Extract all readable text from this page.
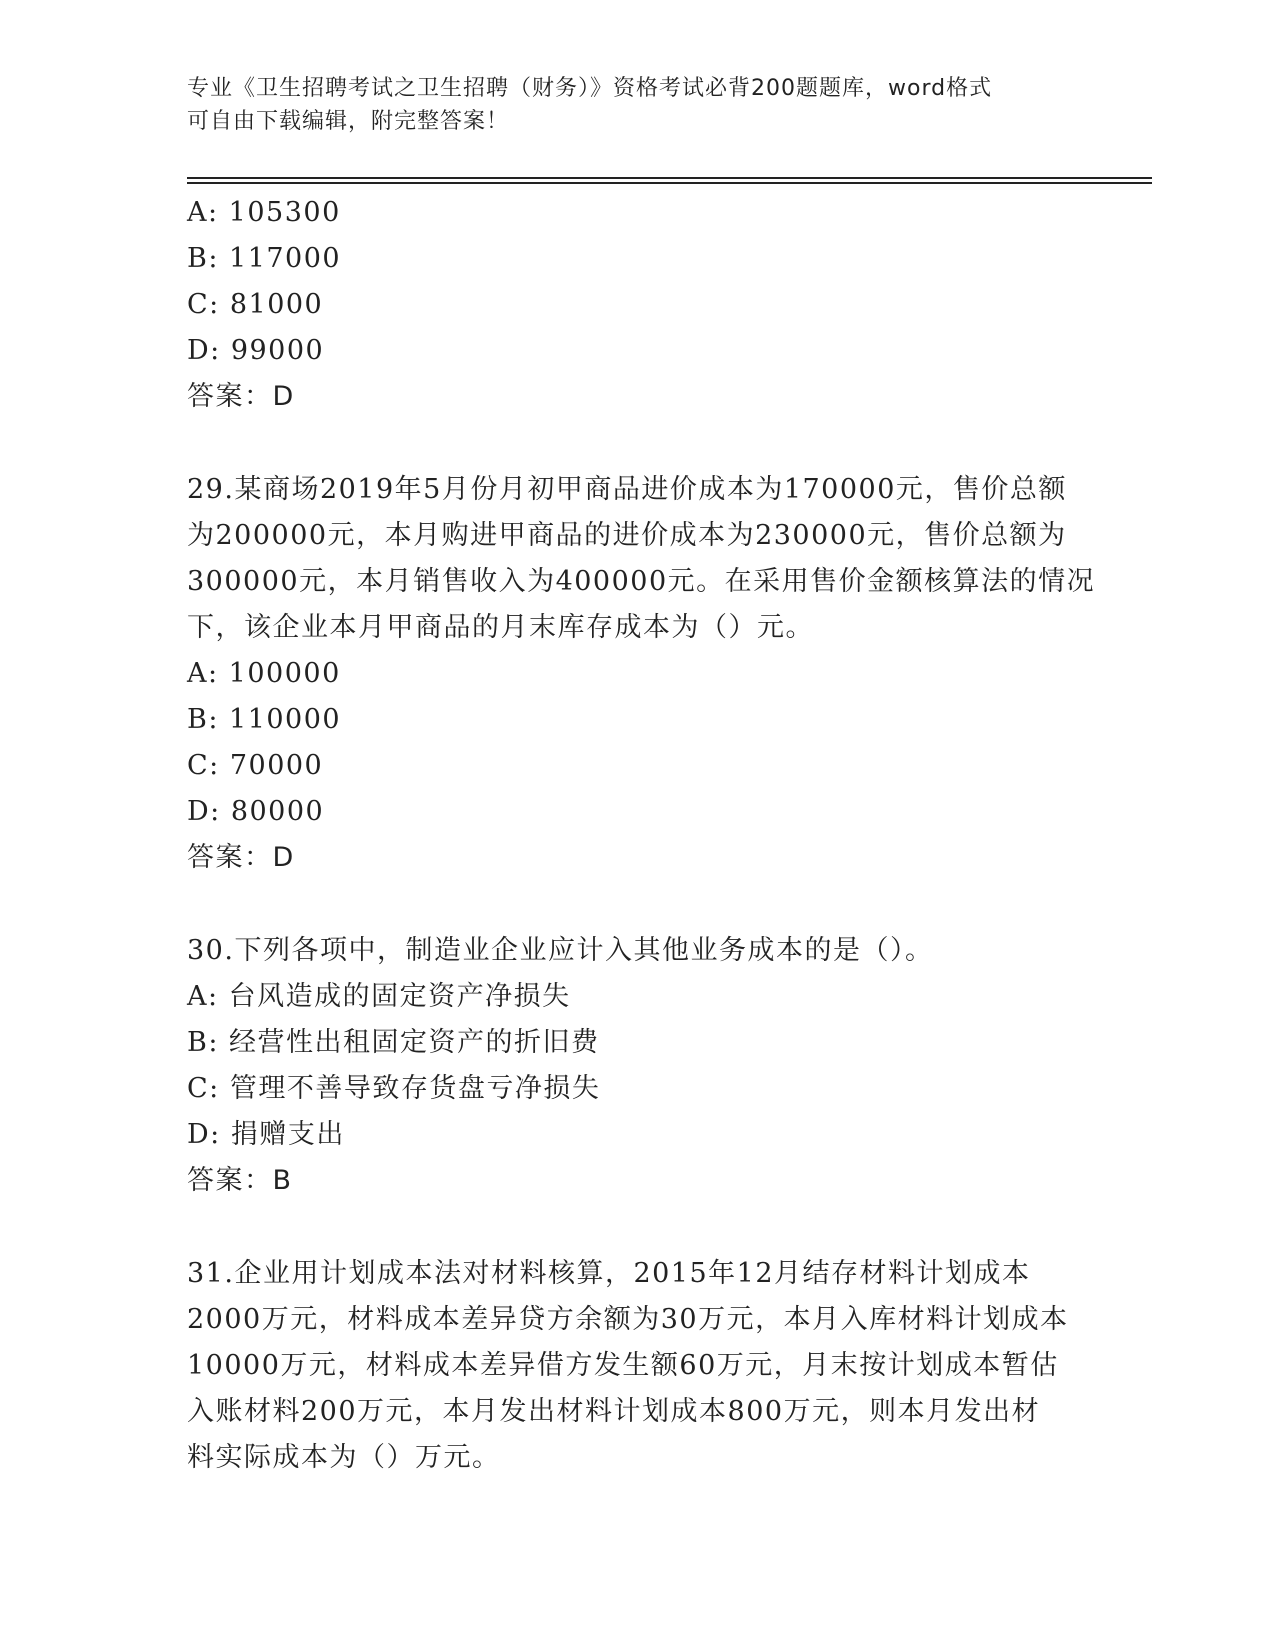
专业《卫生招聘考试之卫生招聘（财务）》资格考试必背200题题库，word格式
可自由下载编辑，附完整答案！
A: 105300
B: 117000
C: 81000
D: 99000
答案：D
29.某商场2019年5月份月初甲商品进价成本为170000元，售价总额
为200000元，本月购进甲商品的进价成本为230000元，售价总额为
300000元，本月销售收入为400000元。在采用售价金额核算法的情况
下，该企业本月甲商品的月末库存成本为（）元。
A: 100000
B: 110000
C: 70000
D: 80000
答案：D
30.下列各项中，制造业企业应计入其他业务成本的是（）。
A: 台风造成的固定资产净损失
B: 经营性出租固定资产的折旧费
C: 管理不善导致存货盘亏净损失
D: 捐赠支出
答案：B
31.企业用计划成本法对材料核算，2015年12月结存材料计划成本
2000万元，材料成本差异贷方余额为30万元，本月入库材料计划成本
10000万元，材料成本差异借方发生额60万元，月末按计划成本暂估
入账材料200万元，本月发出材料计划成本800万元，则本月发出材
料实际成本为（）万元。
